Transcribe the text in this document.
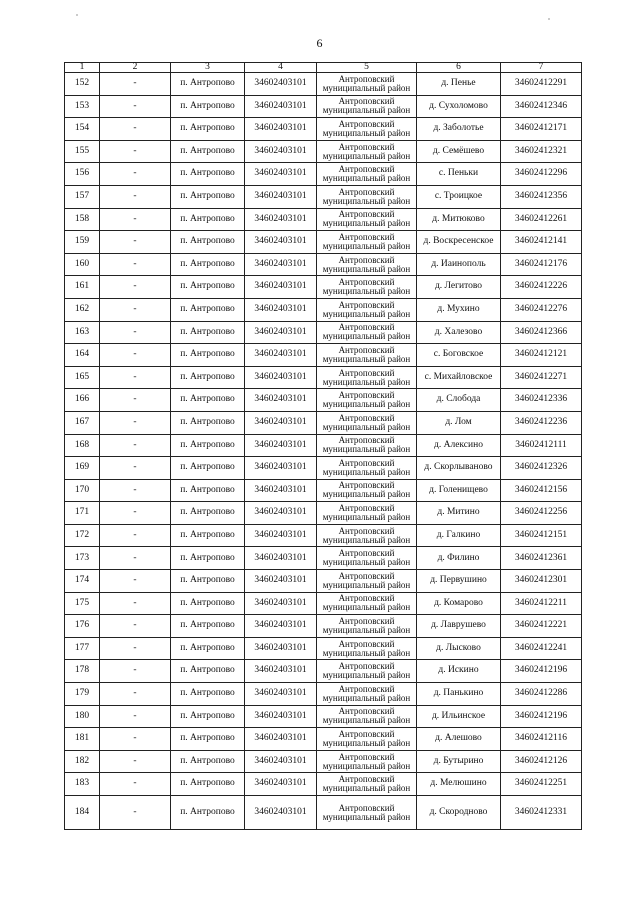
6
1	2	3	4	5	6	7
152	-	п. Антропово	34602403101	Антроповский
муниципальный район	д. Пенье	34602412291
153	-	п. Антропово	34602403101	Антроповский
муниципальный район	д. Сухоломово	34602412346
154	-	п. Антропово	34602403101	Антроповский
муниципальный район	д. Заболотье	34602412171
155	-	п. Антропово	34602403101	Антроповский
муниципальный район	д. Семёшево	34602412321
156	-	п. Антропово	34602403101	Антроповский
муниципальный район	с. Пеньки	34602412296
157	-	п. Антропово	34602403101	Антроповский
муниципальный район	с. Троицкое	34602412356
158	-	п. Антропово	34602403101	Антроповский
муниципальный район	д. Митюково	34602412261
159	-	п. Антропово	34602403101	Антроповский
муниципальный район	д. Воскресенское	34602412141
160	-	п. Антропово	34602403101	Антроповский
муниципальный район	д. Иаинополь	34602412176
161	-	п. Антропово	34602403101	Антроповский
муниципальный район	д. Легитово	34602412226
162	-	п. Антропово	34602403101	Антроповский
муниципальный район	д. Мухино	34602412276
163	-	п. Антропово	34602403101	Антроповский
муниципальный район	д. Халезово	34602412366
164	-	п. Антропово	34602403101	Антроповский
муниципальный район	с. Боговское	34602412121
165	-	п. Антропово	34602403101	Антроповский
муниципальный район	с. Михайловское	34602412271
166	-	п. Антропово	34602403101	Антроповский
муниципальный район	д. Слобода	34602412336
167	-	п. Антропово	34602403101	Антроповский
муниципальный район	д. Лом	34602412236
168	-	п. Антропово	34602403101	Антроповский
муниципальный район	д. Алексино	34602412111
169	-	п. Антропово	34602403101	Антроповский
муниципальный район	д. Скорлываново	34602412326
170	-	п. Антропово	34602403101	Антроповский
муниципальный район	д. Голенищево	34602412156
171	-	п. Антропово	34602403101	Антроповский
муниципальный район	д. Митино	34602412256
172	-	п. Антропово	34602403101	Антроповский
муниципальный район	д. Галкино	34602412151
173	-	п. Антропово	34602403101	Антроповский
муниципальный район	д. Филино	34602412361
174	-	п. Антропово	34602403101	Антроповский
муниципальный район	д. Первушино	34602412301
175	-	п. Антропово	34602403101	Антроповский
муниципальный район	д. Комарово	34602412211
176	-	п. Антропово	34602403101	Антроповский
муниципальный район	д. Лаврушево	34602412221
177	-	п. Антропово	34602403101	Антроповский
муниципальный район	д. Лысково	34602412241
178	-	п. Антропово	34602403101	Антроповский
муниципальный район	д. Искино	34602412196
179	-	п. Антропово	34602403101	Антроповский
муниципальный район	д. Панькино	34602412286
180	-	п. Антропово	34602403101	Антроповский
муниципальный район	д. Ильинское	34602412196
181	-	п. Антропово	34602403101	Антроповский
муниципальный район	д. Алешово	34602412116
182	-	п. Антропово	34602403101	Антроповский
муниципальный район	д. Бутырино	34602412126
183	-	п. Антропово	34602403101	Антроповский
муниципальный район	д. Мелюшино	34602412251
184	-	п. Антропово	34602403101	Антроповский
муниципальный район	д. Скородново	34602412331
